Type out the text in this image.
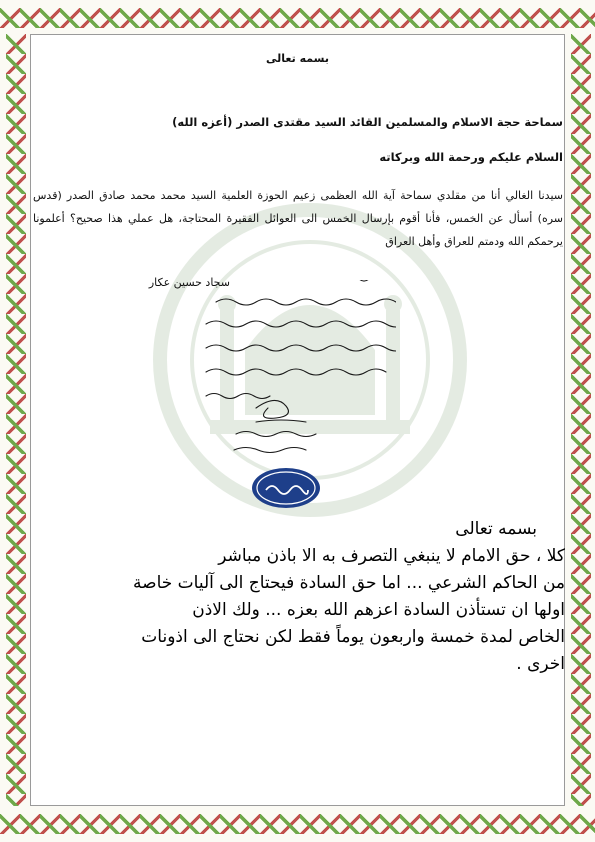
بسمه تعالى
سماحة حجة الاسلام والمسلمين القائد السيد مقتدى الصدر (أعزه الله)
السلام عليكم ورحمة الله وبركاته
سيدنا الغالي أنا من مقلدي سماحة آية الله العظمى زعيم الحوزة العلمية السيد محمد محمد صادق الصدر (قدس سره) أسأل عن الخمس، فأنا أقوم بإرسال الخمس الى العوائل الفقيرة المحتاجة، هل عملي هذا صحيح؟ أعلمونا يرحمكم الله ودمتم للعراق وأهل العراق
سجاد حسين عكار
بسمه تعالى
كلا ، حق الامام لا ينبغي التصرف به الا باذن مباشر
من الحاكم الشرعي ... اما حق السادة فيحتاج الى آليات خاصة
اولها ان تستأذن السادة اعزهم الله بعزه ... ولك الاذن
الخاص لمدة خمسة واربعون يوماً فقط لكن نحتاج الى اذونات
اخرى .
